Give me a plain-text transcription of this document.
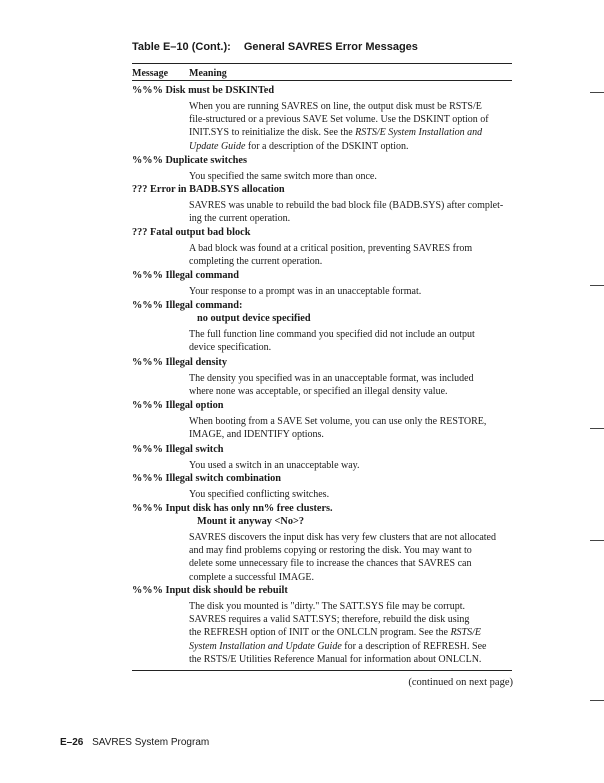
Table E–10 (Cont.): General SAVRES Error Messages
Message Meaning
%%% Disk must be DSKINTed
When you are running SAVRES on line, the output disk must be RSTS/E
file-structured or a previous SAVE Set volume. Use the DSKINT option of
INIT.SYS to reinitialize the disk. See the RSTS/E System Installation and
Update Guide for a description of the DSKINT option.
%%% Duplicate switches
You specified the same switch more than once.
??? Error in BADB.SYS allocation
SAVRES was unable to rebuild the bad block file (BADB.SYS) after complet-
ing the current operation.
??? Fatal output bad block
A bad block was found at a critical position, preventing SAVRES from
completing the current operation.
%%% Illegal command
Your response to a prompt was in an unacceptable format.
%%% Illegal command:
no output device specified
The full function line command you specified did not include an output
device specification.
%%% Illegal density
The density you specified was in an unacceptable format, was included
where none was acceptable, or specified an illegal density value.
%%% Illegal option
When booting from a SAVE Set volume, you can use only the RESTORE,
IMAGE, and IDENTIFY options.
%%% Illegal switch
You used a switch in an unacceptable way.
%%% Illegal switch combination
You specified conflicting switches.
%%% Input disk has only nn% free clusters.
Mount it anyway <No>?
SAVRES discovers the input disk has very few clusters that are not allocated
and may find problems copying or restoring the disk. You may want to
delete some unnecessary file to increase the chances that SAVRES can
complete a successful IMAGE.
%%% Input disk should be rebuilt
The disk you mounted is "dirty." The SATT.SYS file may be corrupt.
SAVRES requires a valid SATT.SYS; therefore, rebuild the disk using
the REFRESH option of INIT or the ONLCLN program. See the RSTS/E
System Installation and Update Guide for a description of REFRESH. See
the RSTS/E Utilities Reference Manual for information about ONLCLN.
(continued on next page)
E–26 SAVRES System Program
